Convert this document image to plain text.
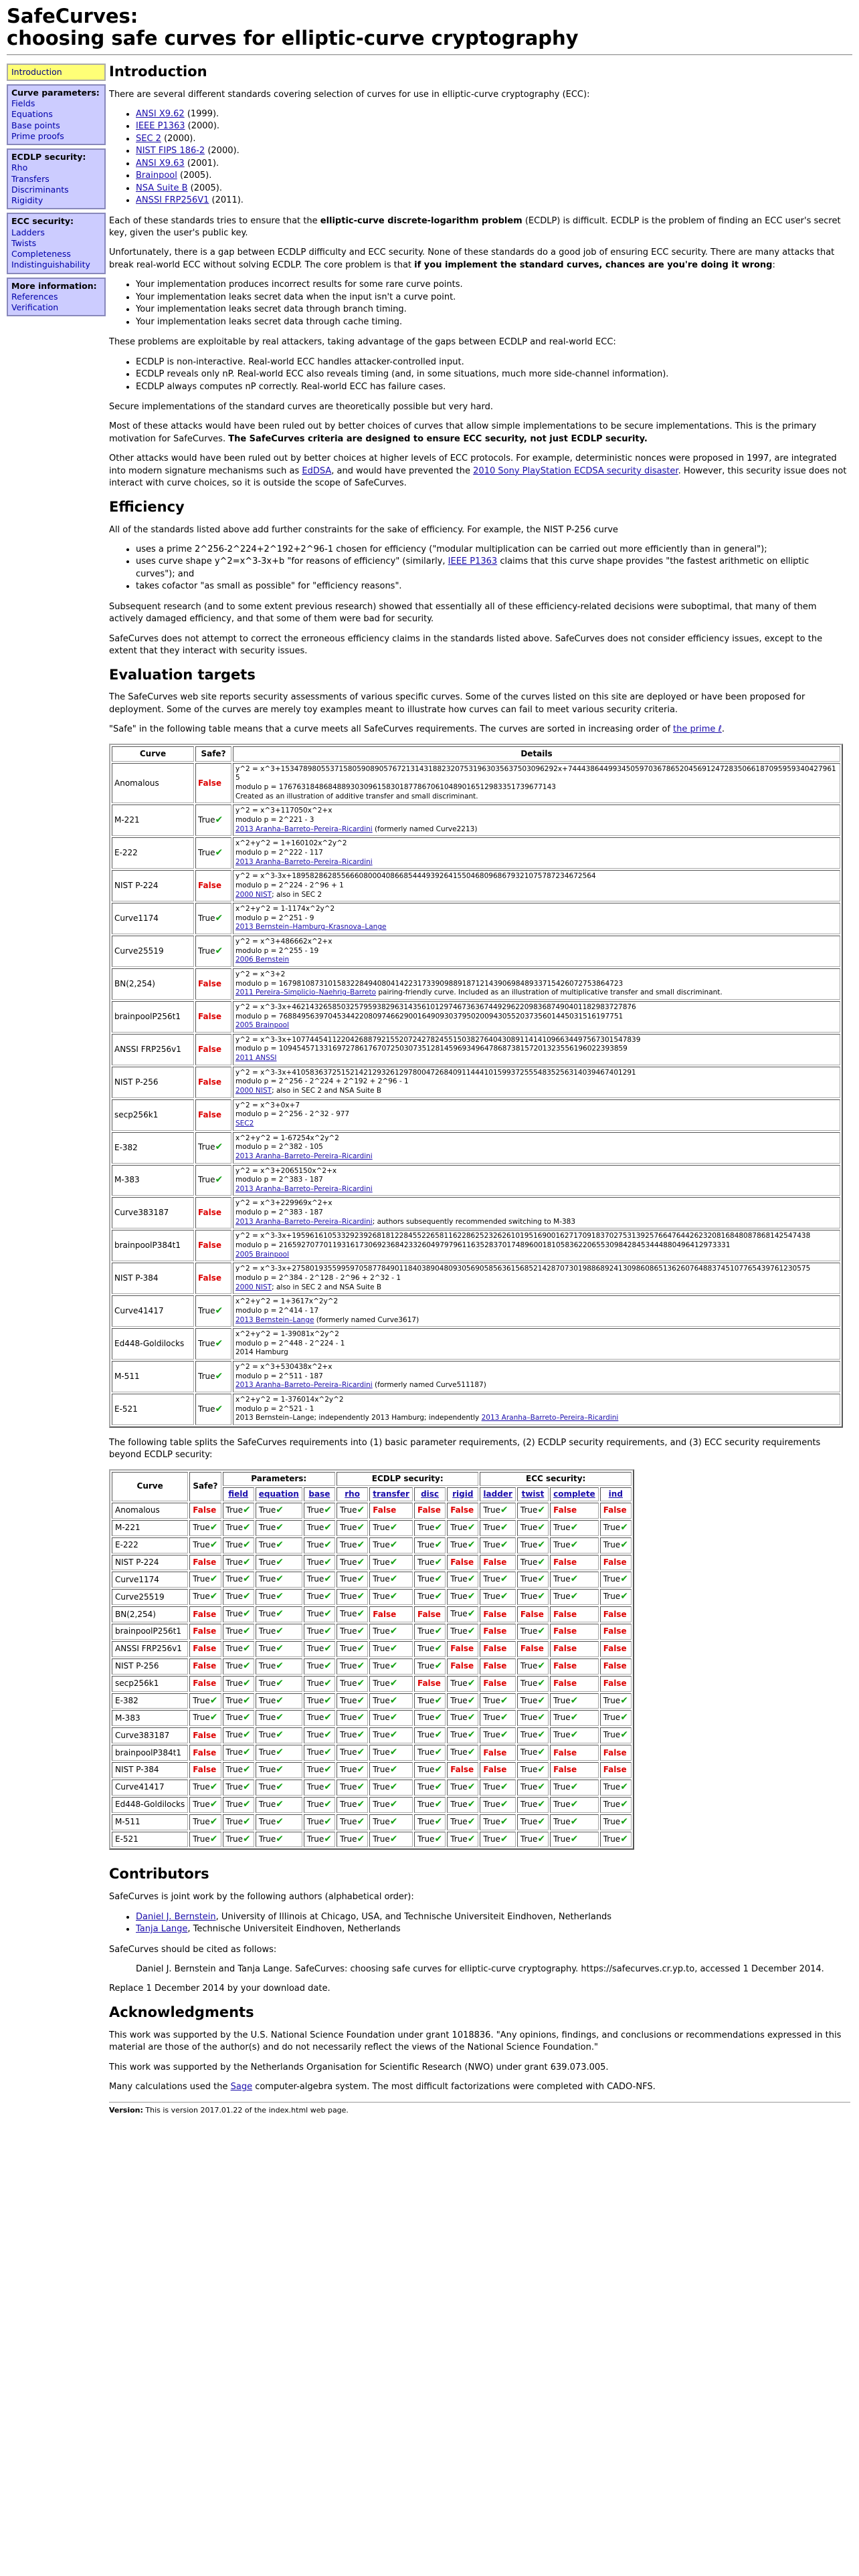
SafeCurves:
choosing safe curves for elliptic-curve cryptography
Introduction
Curve parameters:
Fields
Equations
Base points
Prime proofs
ECDLP security:
Rho
Transfers
Discriminants
Rigidity
ECC security:
Ladders
Twists
Completeness
Indistinguishability
More information:
References
Verification
Introduction

There are several different standards covering selection of curves for use in elliptic-curve cryptography (ECC):

• ANSI X9.62 (1999).
• IEEE P1363 (2000).
• SEC 2 (2000).
• NIST FIPS 186-2 (2000).
• ANSI X9.63 (2001).
• Brainpool (2005).
• NSA Suite B (2005).
• ANSSI FRP256V1 (2011).

Each of these standards tries to ensure that the elliptic-curve discrete-logarithm problem (ECDLP) is difficult. ECDLP is the problem of finding an ECC user's secret key, given the user's public key.

Unfortunately, there is a gap between ECDLP difficulty and ECC security. None of these standards do a good job of ensuring ECC security. There are many attacks that break real-world ECC without solving ECDLP. The core problem is that if you implement the standard curves, chances are you're doing it wrong:

• Your implementation produces incorrect results for some rare curve points.
• Your implementation leaks secret data when the input isn't a curve point.
• Your implementation leaks secret data through branch timing.
• Your implementation leaks secret data through cache timing.

These problems are exploitable by real attackers, taking advantage of the gaps between ECDLP and real-world ECC:

• ECDLP is non-interactive. Real-world ECC handles attacker-controlled input.
• ECDLP reveals only nP. Real-world ECC also reveals timing (and, in some situations, much more side-channel information).
• ECDLP always computes nP correctly. Real-world ECC has failure cases.

Secure implementations of the standard curves are theoretically possible but very hard.

Most of these attacks would have been ruled out by better choices of curves that allow simple implementations to be secure implementations. This is the primary motivation for SafeCurves. The SafeCurves criteria are designed to ensure ECC security, not just ECDLP security.

Other attacks would have been ruled out by better choices at higher levels of ECC protocols. For example, deterministic nonces were proposed in 1997, are integrated into modern signature mechanisms such as EdDSA, and would have prevented the 2010 Sony PlayStation ECDSA security disaster. However, this security issue does not interact with curve choices, so it is outside the scope of SafeCurves.

Efficiency

All of the standards listed above add further constraints for the sake of efficiency. For example, the NIST P-256 curve

• uses a prime 2^256-2^224+2^192+2^96-1 chosen for efficiency ("modular multiplication can be carried out more efficiently than in general");
• uses curve shape y^2=x^3-3x+b "for reasons of efficiency" (similarly, IEEE P1363 claims that this curve shape provides "the fastest arithmetic on elliptic curves"); and
• takes cofactor "as small as possible" for "efficiency reasons".

Subsequent research (and to some extent previous research) showed that essentially all of these efficiency-related decisions were suboptimal, that many of them actively damaged efficiency, and that some of them were bad for security.

SafeCurves does not attempt to correct the erroneous efficiency claims in the standards listed above. SafeCurves does not consider efficiency issues, except to the extent that they interact with security issues.

Evaluation targets

The SafeCurves web site reports security assessments of various specific curves. Some of the curves listed on this site are deployed or have been proposed for deployment. Some of the curves are merely toy examples meant to illustrate how curves can fail to meet various security criteria.

"Safe" in the following table means that a curve meets all SafeCurves requirements. The curves are sorted in increasing order of the prime ℓ.

Curve	Safe?	Details
Anomalous	False	y^2 = x^3+15347898055371580590890576721314318823207531963035637503096292x+7444386449934505970367865204569124728350661870959593404279615
modulo p = 17676318486848893030961583018778670610489016512983351739677143
Created as an illustration of additive transfer and small discriminant.

M-221	True✔	y^2 = x^3+117050x^2+x
modulo p = 2^221 - 3
2013 Aranha–Barreto–Pereira–Ricardini (formerly named Curve2213)

E-222	True✔	x^2+y^2 = 1+160102x^2y^2
modulo p = 2^222 - 117
2013 Aranha–Barreto–Pereira–Ricardini

NIST P-224	False	y^2 = x^3-3x+18958286285566608000408668544493926415504680968679321075787234672564
modulo p = 2^224 - 2^96 + 1
2000 NIST; also in SEC 2

Curve1174	True✔	x^2+y^2 = 1-1174x^2y^2
modulo p = 2^251 - 9
2013 Bernstein–Hamburg–Krasnova–Lange

Curve25519	True✔	y^2 = x^3+486662x^2+x
modulo p = 2^255 - 19
2006 Bernstein

BN(2,254)	False	y^2 = x^3+2
modulo p = 16798108731015832284940804142231733909889187121439069848933715426072753864723
2011 Pereira–Simplicio–Naehrig–Barreto pairing-friendly curve. Included as an illustration of multiplicative transfer and small discriminant.

brainpoolP256t1	False	y^2 = x^3-3x+46214326585032579593829631435610129746736367449296220983687490401182983727876
modulo p = 76884956397045344220809746629001649093037950200943055203735601445031516197751
2005 Brainpool

ANSSI FRP256v1	False	y^2 = x^3-3x+107744541122042688792155207242782455150382764043089114141096634497567301547839
modulo p = 109454571331697278617670725030735128145969349647868738157201323556196022393859
2011 ANSSI

NIST P-256	False	y^2 = x^3-3x+41058363725152142129326129780047268409114441015993725554835256314039467401291
modulo p = 2^256 - 2^224 + 2^192 + 2^96 - 1
2000 NIST; also in SEC 2 and NSA Suite B

secp256k1	False	y^2 = x^3+0x+7
modulo p = 2^256 - 2^32 - 977
SEC2

E-382	True✔	x^2+y^2 = 1-67254x^2y^2
modulo p = 2^382 - 105
2013 Aranha–Barreto–Pereira–Ricardini

M-383	True✔	y^2 = x^3+2065150x^2+x
modulo p = 2^383 - 187
2013 Aranha–Barreto–Pereira–Ricardini

Curve383187	False	y^2 = x^3+229969x^2+x
modulo p = 2^383 - 187
2013 Aranha–Barreto–Pereira–Ricardini; authors subsequently recommended switching to M-383

brainpoolP384t1	False	y^2 = x^3-3x+19596161053329239268181228455226581162286252326261019516900162717091837027531392576647644262320816848087868142547438
modulo p = 21659270770119316173069236842332604979796116352837017489600181058362206553098428453444880496412973331
2005 Brainpool

NIST P-384	False	y^2 = x^3-3x+27580193559959705877849011840389048093056905856361568521428707301988689241309860865136260764883745107765439761230575
modulo p = 2^384 - 2^128 - 2^96 + 2^32 - 1
2000 NIST; also in SEC 2 and NSA Suite B

Curve41417	True✔	x^2+y^2 = 1+3617x^2y^2
modulo p = 2^414 - 17
2013 Bernstein–Lange (formerly named Curve3617)

Ed448-Goldilocks	True✔	x^2+y^2 = 1-39081x^2y^2
modulo p = 2^448 - 2^224 - 1
2014 Hamburg

M-511	True✔	y^2 = x^3+530438x^2+x
modulo p = 2^511 - 187
2013 Aranha–Barreto–Pereira–Ricardini (formerly named Curve511187)

E-521	True✔	x^2+y^2 = 1-376014x^2y^2
modulo p = 2^521 - 1
2013 Bernstein–Lange; independently 2013 Hamburg; independently 2013 Aranha–Barreto–Pereira–Ricardini

The following table splits the SafeCurves requirements into (1) basic parameter requirements, (2) ECDLP security requirements, and (3) ECC security requirements beyond ECDLP security:

Curve	Safe?	Parameters:			ECDLP security:				ECC security:			
		field	equation	base	rho	transfer	disc	rigid	ladder	twist	complete	ind
Anomalous	False	True✔	True✔	True✔	True✔	False	False	False	True✔	True✔	False	False
M-221	True✔	True✔	True✔	True✔	True✔	True✔	True✔	True✔	True✔	True✔	True✔	True✔
E-222	True✔	True✔	True✔	True✔	True✔	True✔	True✔	True✔	True✔	True✔	True✔	True✔
NIST P-224	False	True✔	True✔	True✔	True✔	True✔	True✔	False	False	True✔	False	False
Curve1174	True✔	True✔	True✔	True✔	True✔	True✔	True✔	True✔	True✔	True✔	True✔	True✔
Curve25519	True✔	True✔	True✔	True✔	True✔	True✔	True✔	True✔	True✔	True✔	True✔	True✔
BN(2,254)	False	True✔	True✔	True✔	True✔	False	False	True✔	False	False	False	False
brainpoolP256t1	False	True✔	True✔	True✔	True✔	True✔	True✔	True✔	False	True✔	False	False
ANSSI FRP256v1	False	True✔	True✔	True✔	True✔	True✔	True✔	False	False	False	False	False
NIST P-256	False	True✔	True✔	True✔	True✔	True✔	True✔	False	False	True✔	False	False
secp256k1	False	True✔	True✔	True✔	True✔	True✔	False	True✔	False	True✔	False	False
E-382	True✔	True✔	True✔	True✔	True✔	True✔	True✔	True✔	True✔	True✔	True✔	True✔
M-383	True✔	True✔	True✔	True✔	True✔	True✔	True✔	True✔	True✔	True✔	True✔	True✔
Curve383187	False	True✔	True✔	True✔	True✔	True✔	True✔	True✔	True✔	True✔	True✔	True✔
brainpoolP384t1	False	True✔	True✔	True✔	True✔	True✔	True✔	True✔	False	True✔	False	False
NIST P-384	False	True✔	True✔	True✔	True✔	True✔	True✔	False	False	True✔	False	False
Curve41417	True✔	True✔	True✔	True✔	True✔	True✔	True✔	True✔	True✔	True✔	True✔	True✔
Ed448-Goldilocks	True✔	True✔	True✔	True✔	True✔	True✔	True✔	True✔	True✔	True✔	True✔	True✔
M-511	True✔	True✔	True✔	True✔	True✔	True✔	True✔	True✔	True✔	True✔	True✔	True✔
E-521	True✔	True✔	True✔	True✔	True✔	True✔	True✔	True✔	True✔	True✔	True✔	True✔
Contributors

SafeCurves is joint work by the following authors (alphabetical order):

• Daniel J. Bernstein, University of Illinois at Chicago, USA, and Technische Universiteit Eindhoven, Netherlands
• Tanja Lange, Technische Universiteit Eindhoven, Netherlands

SafeCurves should be cited as follows:

Daniel J. Bernstein and Tanja Lange. SafeCurves: choosing safe curves for elliptic-curve cryptography. https://safecurves.cr.yp.to, accessed 1 December 2014.

Replace 1 December 2014 by your download date.

Acknowledgments

This work was supported by the U.S. National Science Foundation under grant 1018836. "Any opinions, findings, and conclusions or recommendations expressed in this material are those of the author(s) and do not necessarily reflect the views of the National Science Foundation."

This work was supported by the Netherlands Organisation for Scientific Research (NWO) under grant 639.073.005.

Many calculations used the Sage computer-algebra system. The most difficult factorizations were completed with CADO-NFS.

Version: This is version 2017.01.22 of the index.html web page.
